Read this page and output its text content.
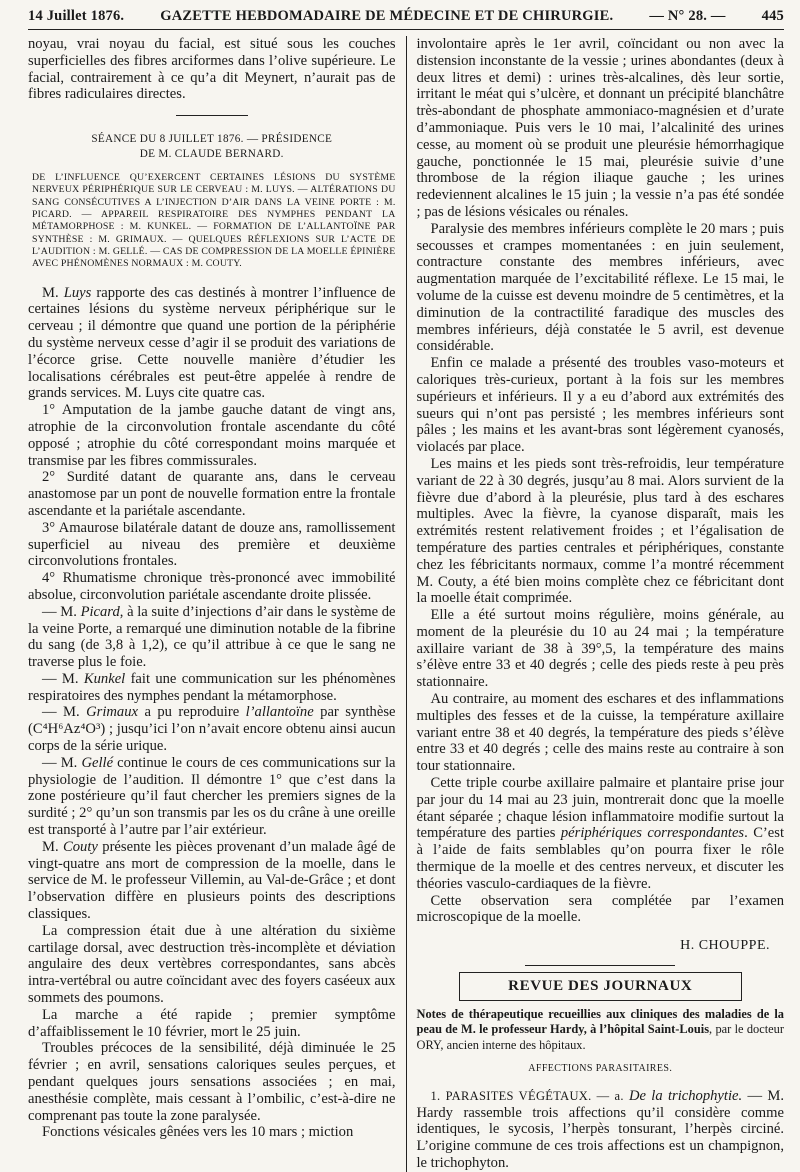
14 Juillet 1876. GAZETTE HEBDOMADAIRE DE MÉDECINE ET DE CHIRURGIE. — N° 28. — 445

noyau, vrai noyau du facial, est situé sous les couches superficielles des fibres arciformes dans l’olive supérieure. Le facial, contrairement à ce qu’a dit Meynert, n’aurait pas de fibres radiculaires directes.

SÉANCE DU 8 JUILLET 1876. — PRÉSIDENCE
DE M. CLAUDE BERNARD.
DE L’INFLUENCE QU’EXERCENT CERTAINES LÉSIONS DU SYSTÈME NERVEUX PÉRIPHÉRIQUE SUR LE CERVEAU : M. LUYS. — ALTÉRATIONS DU SANG CONSÉCUTIVES A L’INJECTION D’AIR DANS LA VEINE PORTE : M. PICARD. — APPAREIL RESPIRATOIRE DES NYMPHES PENDANT LA MÉTAMORPHOSE : M. KUNKEL. — FORMATION DE L’ALLANTOÏNE PAR SYNTHÈSE : M. GRIMAUX. — QUELQUES RÉFLEXIONS SUR L’ACTE DE L’AUDITION : M. GELLÉ. — CAS DE COMPRESSION DE LA MOELLE ÉPINIÈRE AVEC PHÉNOMÈNES NORMAUX : M. COUTY.

M. Luys rapporte des cas destinés à montrer l’influence de certaines lésions du système nerveux périphérique sur le cerveau ; il démontre que quand une portion de la périphérie du système nerveux cesse d’agir il se produit des variations de l’écorce grise. Cette nouvelle manière d’étudier les localisations cérébrales est peut-être appelée à rendre de grands services. M. Luys cite quatre cas.

1° Amputation de la jambe gauche datant de vingt ans, atrophie de la circonvolution frontale ascendante du côté opposé ; atrophie du côté correspondant moins marquée et transmise par les fibres commissurales.

2° Surdité datant de quarante ans, dans le cerveau anastomose par un pont de nouvelle formation entre la frontale ascendante et la pariétale ascendante.

3° Amaurose bilatérale datant de douze ans, ramollissement superficiel au niveau des première et deuxième circonvolutions frontales.

4° Rhumatisme chronique très-prononcé avec immobilité absolue, circonvolution pariétale ascendante droite plissée.

— M. Picard, à la suite d’injections d’air dans le système de la veine Porte, a remarqué une diminution notable de la fibrine du sang (de 3,8 à 1,2), ce qu’il attribue à ce que le sang ne traverse plus le foie.

— M. Kunkel fait une communication sur les phénomènes respiratoires des nymphes pendant la métamorphose.

— M. Grimaux a pu reproduire l’allantoïne par synthèse (C⁴H⁶Az⁴O³) ; jusqu’ici l’on n’avait encore obtenu ainsi aucun corps de la série urique.

— M. Gellé continue le cours de ces communications sur la physiologie de l’audition. Il démontre 1° que c’est dans la zone postérieure qu’il faut chercher les premiers signes de la surdité ; 2° qu’un son transmis par les os du crâne à une oreille est transporté à l’autre par l’air extérieur.

M. Couty présente les pièces provenant d’un malade âgé de vingt-quatre ans mort de compression de la moelle, dans le service de M. le professeur Villemin, au Val-de-Grâce ; et dont l’observation diffère en plusieurs points des descriptions classiques.

La compression était due à une altération du sixième cartilage dorsal, avec destruction très-incomplète et déviation angulaire des deux vertèbres correspondantes, sans abcès intra-vertébral ou autre coïncidant avec des foyers caséeux aux sommets des poumons.

La marche a été rapide ; premier symptôme d’affaiblissement le 10 février, mort le 25 juin.

Troubles précoces de la sensibilité, déjà diminuée le 25 février ; en avril, sensations caloriques seules perçues, et pendant quelques jours sensations associées ; en mai, anesthésie complète, mais cessant à l’ombilic, c’est-à-dire ne comprenant pas toute la zone paralysée.

Fonctions vésicales gênées vers les 10 mars ; miction

involontaire après le 1er avril, coïncidant ou non avec la distension inconstante de la vessie ; urines abondantes (deux à deux litres et demi) : urines très-alcalines, dès leur sortie, irritant le méat qui s’ulcère, et donnant un précipité blanchâtre très-abondant de phosphate ammoniaco-magnésien et d’urate d’ammoniaque. Puis vers le 10 mai, l’alcalinité des urines cesse, au moment où se produit une pleurésie hémorrhagique gauche, ponctionnée le 15 mai, pleurésie suivie d’une thrombose de la région iliaque gauche ; les urines redeviennent alcalines le 15 juin ; la vessie n’a pas été sondée ; pas de lésions vésicales ou rénales.

Paralysie des membres inférieurs complète le 20 mars ; puis secousses et crampes momentanées : en juin seulement, contracture constante des membres inférieurs, avec augmentation marquée de l’excitabilité réflexe. Le 15 mai, le volume de la cuisse est devenu moindre de 5 centimètres, et la diminution de la contractilité faradique des muscles des membres inférieurs, déjà constatée le 5 avril, est devenue considérable.

Enfin ce malade a présenté des troubles vaso-moteurs et caloriques très-curieux, portant à la fois sur les membres supérieurs et inférieurs. Il y a eu d’abord aux extrémités des sueurs qui n’ont pas persisté ; les membres inférieurs sont pâles ; les mains et les avant-bras sont légèrement cyanosés, violacés par place.

Les mains et les pieds sont très-refroidis, leur température variant de 22 à 30 degrés, jusqu’au 8 mai. Alors survient de la fièvre due d’abord à la pleurésie, plus tard à des eschares multiples. Avec la fièvre, la cyanose disparaît, mais les extrémités restent relativement froides ; et l’égalisation de température des parties centrales et périphériques, constante chez les fébricitants normaux, comme l’a montré récemment M. Couty, a été bien moins complète chez ce fébricitant dont la moelle était comprimée.

Elle a été surtout moins régulière, moins générale, au moment de la pleurésie du 10 au 24 mai ; la température axillaire variant de 38 à 39°,5, la température des mains s’élève entre 33 et 40 degrés ; celle des pieds reste à peu près stationnaire.

Au contraire, au moment des eschares et des inflammations multiples des fesses et de la cuisse, la température axillaire variant entre 38 et 40 degrés, la température des pieds s’élève entre 33 et 40 degrés ; celle des mains reste au contraire à son tour stationnaire.

Cette triple courbe axillaire palmaire et plantaire prise jour par jour du 14 mai au 23 juin, montrerait donc que la moelle étant séparée ; chaque lésion inflammatoire modifie surtout la température des parties périphériques correspondantes. C’est à l’aide de faits semblables qu’on pourra fixer le rôle thermique de la moelle et des centres nerveux, et discuter les théories vasculo-cardiaques de la fièvre.

Cette observation sera complétée par l’examen microscopique de la moelle.

H. CHOUPPE.
REVUE DES JOURNAUX

Notes de thérapeutique recueillies aux cliniques des maladies de la peau de M. le professeur Hardy, à l’hôpital Saint-Louis, par le docteur ORY, ancien interne des hôpitaux.

AFFECTIONS PARASITAIRES.

1. PARASITES VÉGÉTAUX. — a. De la trichophytie. — M. Hardy rassemble trois affections qu’il considère comme identiques, le sycosis, l’herpès tonsurant, l’herpès circiné. L’origine commune de ces trois affections est un champignon, le trichophyton.
